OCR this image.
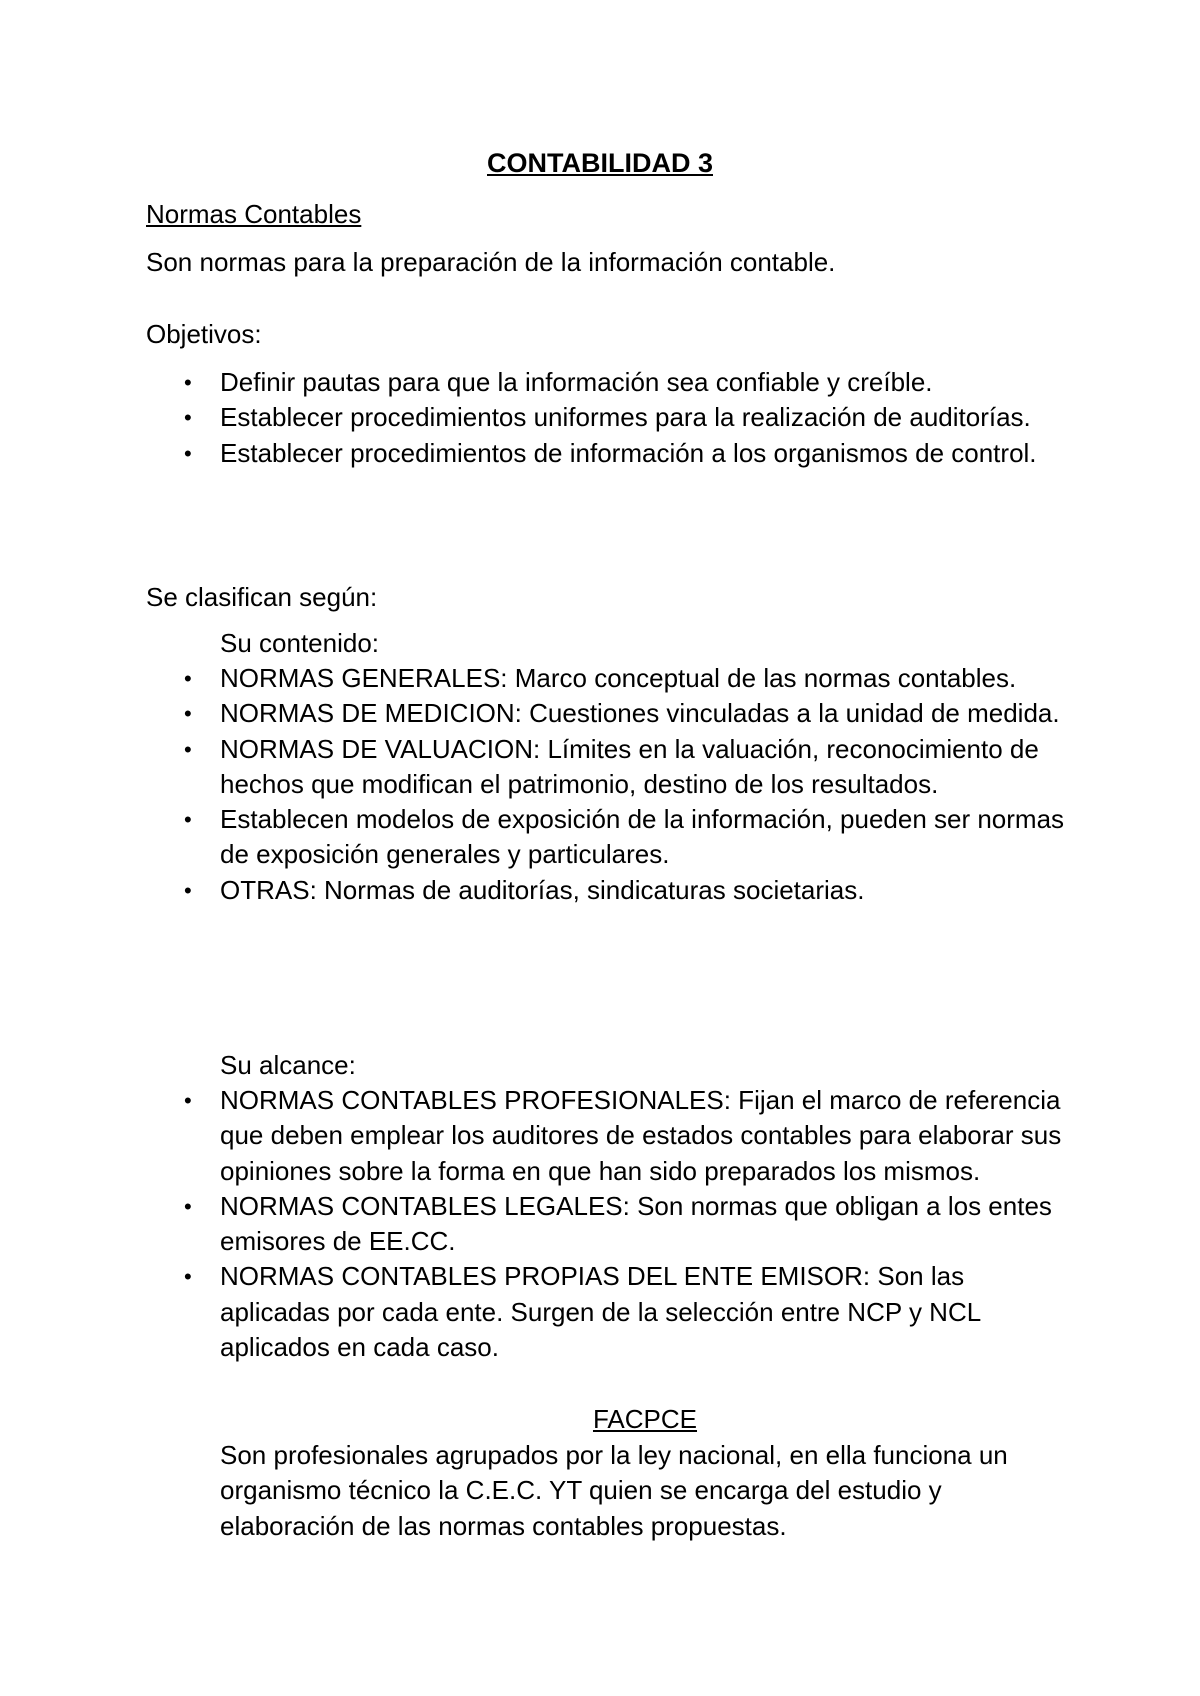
CONTABILIDAD 3
Normas Contables

Son normas para la preparación de la información contable.

Objetivos:

• Definir pautas para que la información sea confiable y creíble.
• Establecer procedimientos uniformes para la realización de auditorías.
• Establecer procedimientos de información a los organismos de control.

Se clasifican según:

Su contenido:

• NORMAS GENERALES: Marco conceptual de las normas contables.
• NORMAS DE MEDICION: Cuestiones vinculadas a la unidad de medida.
• NORMAS DE VALUACION: Límites en la valuación, reconocimiento de hechos que modifican el patrimonio, destino de los resultados.
• Establecen modelos de exposición de la información, pueden ser normas de exposición generales y particulares.
• OTRAS: Normas de auditorías, sindicaturas societarias.

Su alcance:

• NORMAS CONTABLES PROFESIONALES: Fijan el marco de referencia que deben emplear los auditores de estados contables para elaborar sus opiniones sobre la forma en que han sido preparados los mismos.
• NORMAS CONTABLES LEGALES: Son normas que obligan a los entes emisores de EE.CC.
• NORMAS CONTABLES PROPIAS DEL ENTE EMISOR: Son las aplicadas por cada ente. Surgen de la selección entre NCP y NCL aplicados en cada caso.
FACPCE

Son profesionales agrupados por la ley nacional, en ella funciona un organismo técnico la C.E.C. YT quien se encarga del estudio y elaboración de las normas contables propuestas.
